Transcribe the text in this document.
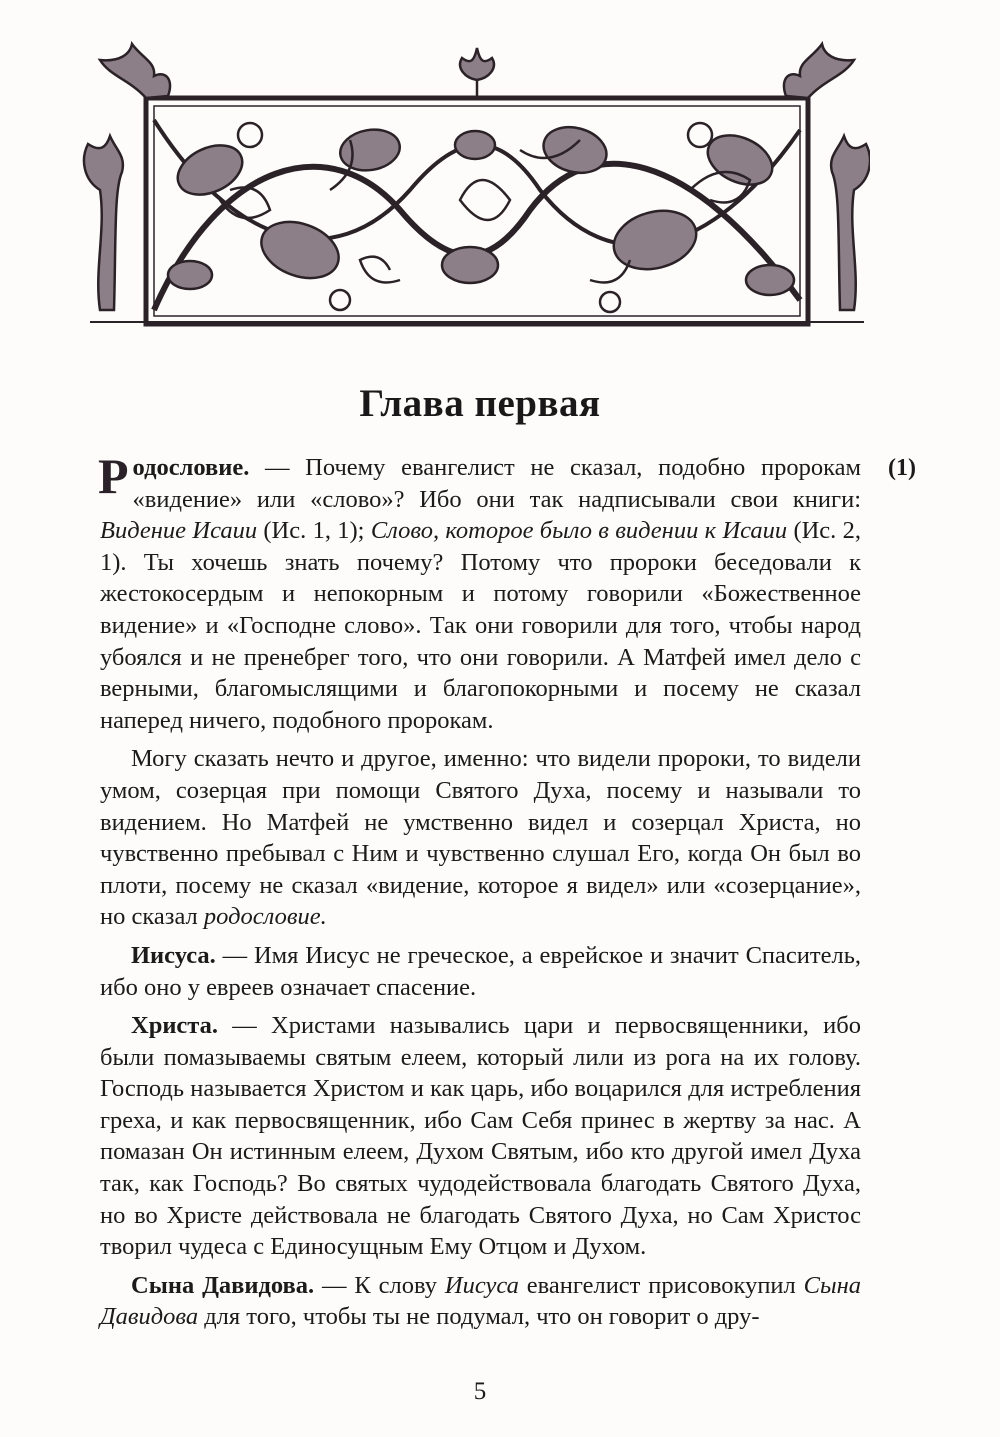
Глава первая
(1)

Родословие. — Почему евангелист не сказал, подобно пророкам «видение» или «слово»? Ибо они так надписывали свои книги: Видение Исаии (Ис. 1, 1); Слово, которое было в видении к Исаии (Ис. 2, 1). Ты хочешь знать почему? Потому что пророки беседовали к жестокосердым и непокорным и потому говорили «Божественное видение» и «Господне слово». Так они говорили для того, чтобы народ убоялся и не пренебрег того, что они говорили. А Матфей имел дело с верными, благомыслящими и благопокорными и посему не сказал наперед ничего, подобного пророкам.

Могу сказать нечто и другое, именно: что видели пророки, то видели умом, созерцая при помощи Святого Духа, посему и называли то видением. Но Матфей не умственно видел и созерцал Христа, но чувственно пребывал с Ним и чувственно слушал Его, когда Он был во плоти, посему не сказал «видение, которое я видел» или «созерцание», но сказал родословие.

Иисуса. — Имя Иисус не греческое, а еврейское и значит Спаситель, ибо оно у евреев означает спасение.

Христа. — Христами назывались цари и первосвященники, ибо были помазываемы святым елеем, который лили из рога на их голову. Господь называется Христом и как царь, ибо воцарился для истребления греха, и как первосвященник, ибо Сам Себя принес в жертву за нас. А помазан Он истинным елеем, Духом Святым, ибо кто другой имел Духа так, как Господь? Во святых чудодействовала благодать Святого Духа, но во Христе действовала не благодать Святого Духа, но Сам Христос творил чудеса с Единосущным Ему Отцом и Духом.

Сына Давидова. — К слову Иисуса евангелист присовокупил Сына Давидова для того, чтобы ты не подумал, что он говорит о дру-

5
